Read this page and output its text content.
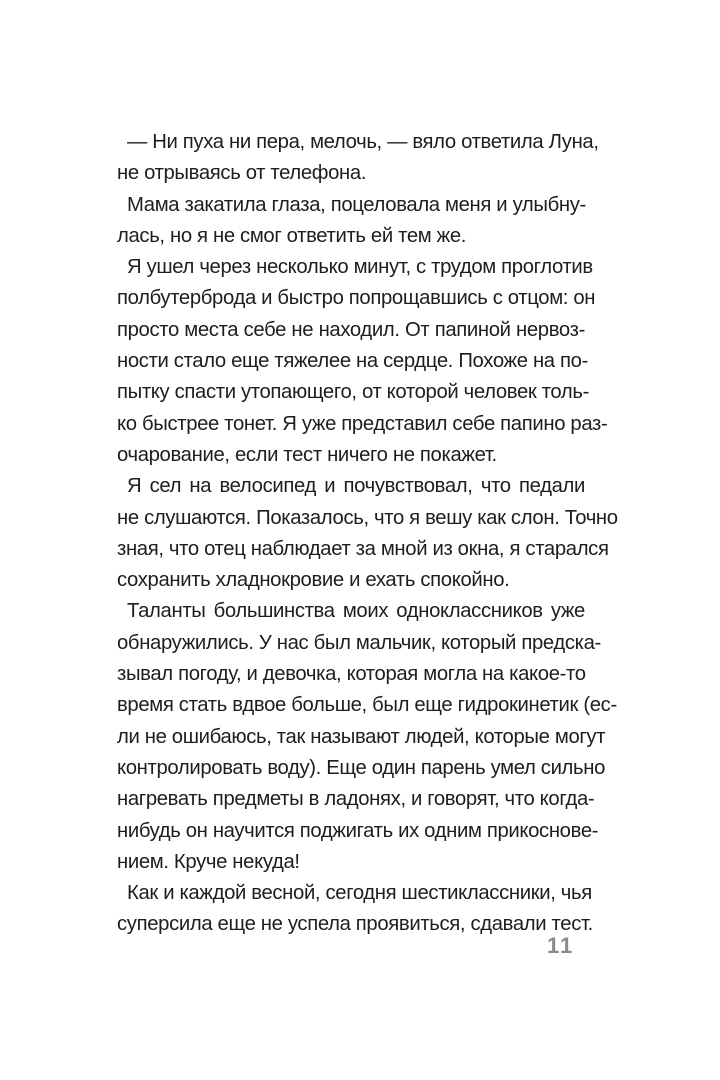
— Ни пуха ни пера, мелочь, — вяло ответила Луна,
не отрываясь от телефона.
Мама закатила глаза, поцеловала меня и улыбну-
лась, но я не смог ответить ей тем же.
Я ушел через несколько минут, с трудом проглотив
полбутерброда и быстро попрощавшись с отцом: он
просто места себе не находил. От папиной нервоз-
ности стало еще тяжелее на сердце. Похоже на по-
пытку спасти утопающего, от которой человек толь-
ко быстрее тонет. Я уже представил себе папино раз-
очарование, если тест ничего не покажет.
Я сел на велосипед и почувствовал, что педали
не слушаются. Показалось, что я вешу как слон. Точно
зная, что отец наблюдает за мной из окна, я старался
сохранить хладнокровие и ехать спокойно.
Таланты большинства моих одноклассников уже
обнаружились. У нас был мальчик, который предска-
зывал погоду, и девочка, которая могла на какое-то
время стать вдвое больше, был еще гидрокинетик (ес-
ли не ошибаюсь, так называют людей, которые могут
контролировать воду). Еще один парень умел сильно
нагревать предметы в ладонях, и говорят, что когда-
нибудь он научится поджигать их одним прикоснове-
нием. Круче некуда!
Как и каждой весной, сегодня шестиклассники, чья
суперсила еще не успела проявиться, сдавали тест.
11
